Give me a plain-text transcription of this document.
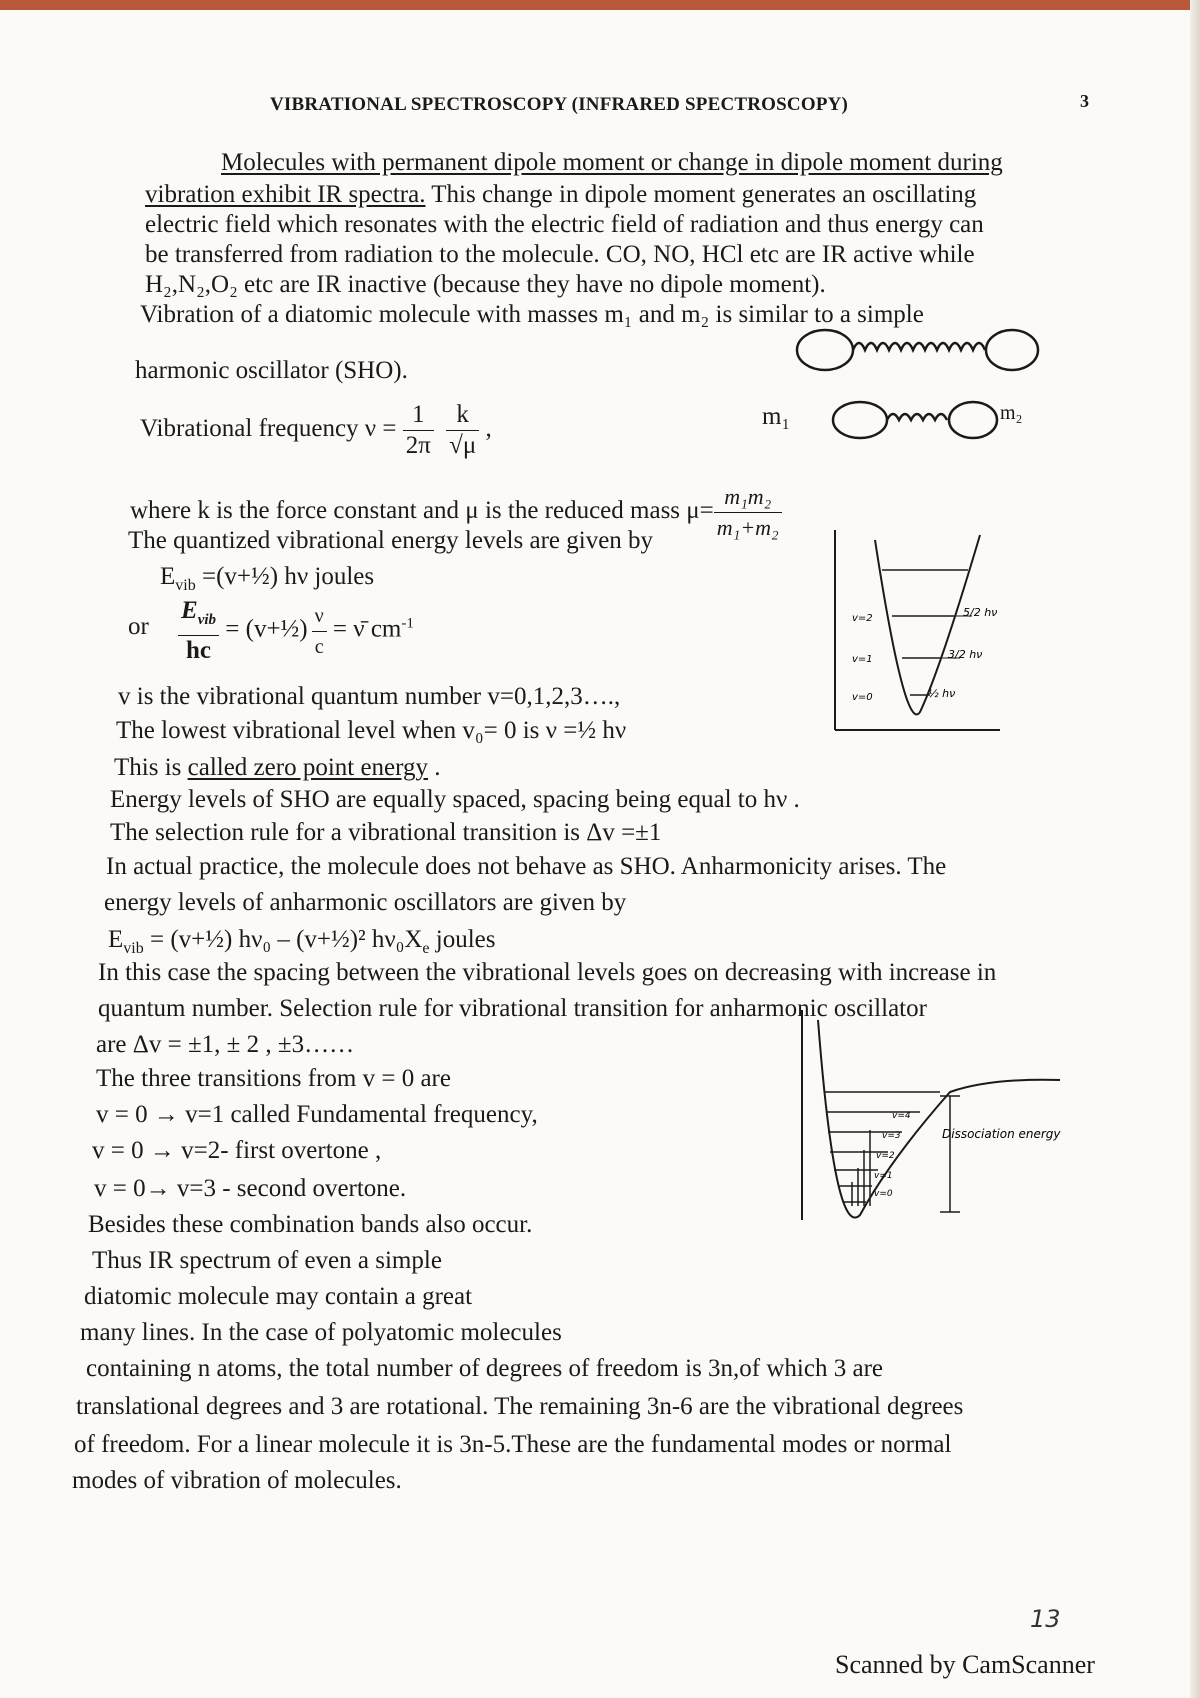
VIBRATIONAL SPECTROSCOPY (INFRARED SPECTROSCOPY)	3
Molecules with permanent dipole moment or change in dipole moment during
vibration exhibit IR spectra. This change in dipole moment generates an oscillating
electric field which resonates with the electric field of radiation and thus energy can
be transferred from radiation to the molecule. CO, NO, HCl etc are IR active while
H₂,N₂,O₂ etc are IR inactive (because they have no dipole moment).
Vibration of a diatomic molecule with masses m₁ and m₂ is similar to a simple
harmonic oscillator (SHO).
Vibrational frequency $\nu = \frac{1}{2\pi}$
$\frac{k}{√\mu}$ ,	m₁	m₂
where k is the force constant and μ is the reduced mass $\mu= \frac{\text{m₁m₂}}{\text{m₁+m₂}}$
The quantized vibrational energy levels are given by
$E_{vib}$ =(v+½) hν joules
or $\frac{E_{vib}}{hc}$ = (v+½) $\frac{\nu}{c}$ = ν̄ $cm^{-1}$	v=2
v=1
v=0
5/2 hν
3/2 hν
½ hν
v is the vibrational quantum number v=0,1,2,3….,
The lowest vibrational level when v₀= 0 is ν =½ hν
This is called zero point energy .
Energy levels of SHO are equally spaced, spacing being equal to hν .
The selection rule for a vibrational transition is Δv =±1
In actual practice, the molecule does not behave as SHO. Anharmonicity arises. The
energy levels of anharmonic oscillators are given by
$E_{vib}$ = (v+½) hν₀ – (v+½)² $h\nu_0X_e$ joules
In this case the spacing between the vibrational levels goes on decreasing with increase in
quantum number. Selection rule for vibrational transition for anharmonic oscillator
are Δv = ±1, ± 2 , ±3……
The three transitions from v = 0 are
v = 0 → v=1 called Fundamental frequency,
v = 0 → v=2- first overtone ,
v = 0→ v=3 - second overtone.
Besides these combination bands also occur.
Thus IR spectrum of even a simple
diatomic molecule may contain a great
many lines. In the case of polyatomic molecules
containing n atoms, the total number of degrees of freedom is 3n,of which 3 are
translational degrees and 3 are rotational. The remaining 3n-6 are the vibrational degrees
of freedom. For a linear molecule it is 3n-5.These are the fundamental modes or normal
modes of vibration of molecules.
v=4
v=3
v=2
v=1
v=0
Dissociation energy
13
Scanned by CamScanner
